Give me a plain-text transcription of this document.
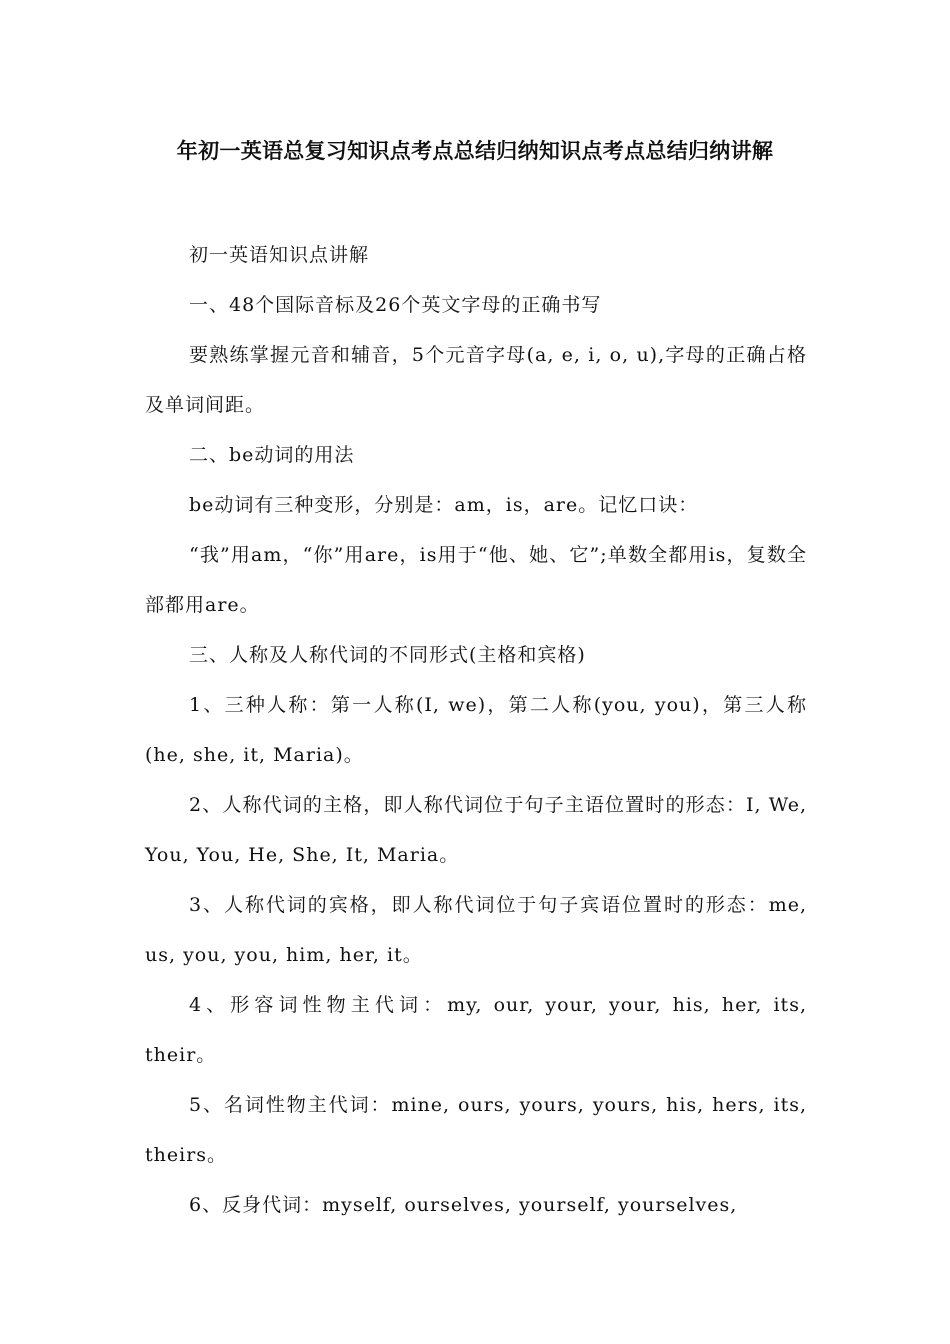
年初一英语总复习知识点考点总结归纳知识点考点总结归纳讲解

初一英语知识点讲解

一、48个国际音标及26个英文字母的正确书写

要熟练掌握元音和辅音，5个元音字母(a, e, i, o, u),字母的正确占格及单词间距。

二、be动词的用法

be动词有三种变形，分别是：am，is，are。记忆口诀：

“我”用am，“你”用are，is用于“他、她、它”;单数全都用is，复数全部都用are。

三、人称及人称代词的不同形式(主格和宾格)

1、三种人称：第一人称(I, we)，第二人称(you, you)，第三人称(he, she, it, Maria)。

2、人称代词的主格，即人称代词位于句子主语位置时的形态：I, We, You, You, He, She, It, Maria。

3、人称代词的宾格，即人称代词位于句子宾语位置时的形态：me, us, you, you, him, her, it。

4、形容词性物主代词：my, our, your, your, his, her, its, their。

5、名词性物主代词：mine, ours, yours, yours, his, hers, its, theirs。

6、反身代词：myself, ourselves, yourself, yourselves,
